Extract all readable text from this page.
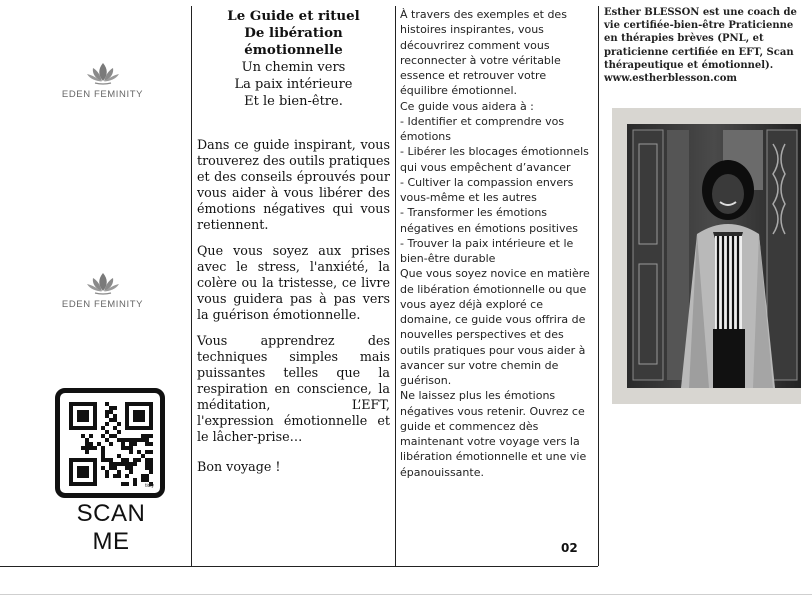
EDEN FEMINITY
EDEN FEMINITY
tidly
SCAN ME
Le Guide et rituel
De libération
émotionnelle
Un chemin vers
La paix intérieure
Et le bien-être.

Dans ce guide inspirant, vous trouverez des outils pratiques et des conseils éprouvés pour vous aider à vous libérer des émotions négatives qui vous retiennent.

Que vous soyez aux prises avec le stress, l'anxiété, la colère ou la tristesse, ce livre vous guidera pas à pas vers la guérison émotionnelle.

Vous apprendrez des techniques simples mais puissantes telles que la respiration en conscience, la méditation, L’EFT, l'expression émotionnelle et le lâcher-prise…

Bon voyage !

À travers des exemples et des histoires inspirantes, vous découvrirez comment vous reconnecter à votre véritable essence et retrouver votre équilibre émotionnel.
Ce guide vous aidera à :
- Identifier et comprendre vos émotions
- Libérer les blocages émotionnels qui vous empêchent d’avancer
- Cultiver la compassion envers vous-même et les autres
- Transformer les émotions négatives en émotions positives
- Trouver la paix intérieure et le bien-être durable
Que vous soyez novice en matière de libération émotionnelle ou que vous ayez déjà exploré ce domaine, ce guide vous offrira de nouvelles perspectives et des outils pratiques pour vous aider à avancer sur votre chemin de guérison.
Ne laissez plus les émotions négatives vous retenir. Ouvrez ce guide et commencez dès maintenant votre voyage vers la libération émotionnelle et une vie épanouissante.
02
Esther BLESSON est une coach de vie certifiée-bien-être Praticienne en thérapies brèves (PNL, et praticienne certifiée en EFT, Scan thérapeutique et émotionnel).
www.estherblesson.com
